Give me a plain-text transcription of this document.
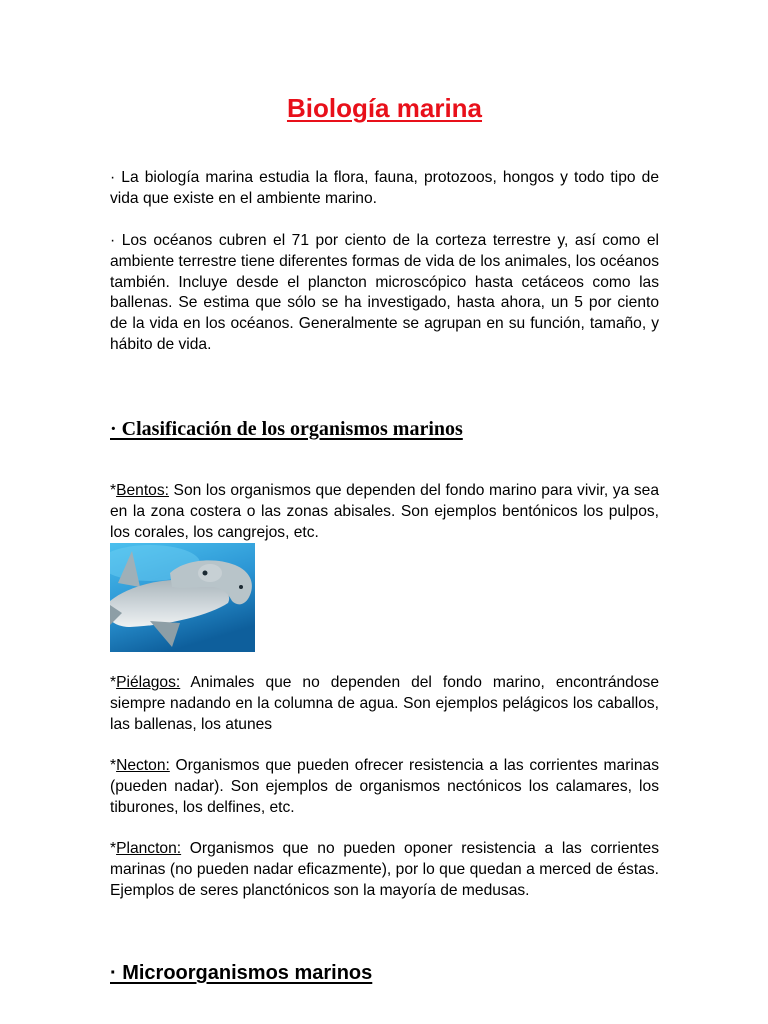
Biología marina

· La biología marina estudia la flora, fauna, protozoos, hongos y todo tipo de vida que existe en el ambiente marino.

· Los océanos cubren el 71 por ciento de la corteza terrestre y, así como el ambiente terrestre tiene diferentes formas de vida de los animales, los océanos también. Incluye desde el plancton microscópico hasta cetáceos como las ballenas. Se estima que sólo se ha investigado, hasta ahora, un 5 por ciento de la vida en los océanos. Generalmente se agrupan en su función, tamaño, y hábito de vida.

· Clasificación de los organismos marinos

*Bentos: Son los organismos que dependen del fondo marino para vivir, ya sea en la zona costera o las zonas abisales. Son ejemplos bentónicos los pulpos, los corales, los cangrejos, etc.

*Piélagos: Animales que no dependen del fondo marino, encontrándose siempre nadando en la columna de agua. Son ejemplos pelágicos los caballos, las ballenas, los atunes

*Necton: Organismos que pueden ofrecer resistencia a las corrientes marinas (pueden nadar). Son ejemplos de organismos nectónicos los calamares, los tiburones, los delfines, etc.

*Plancton: Organismos que no pueden oponer resistencia a las corrientes marinas (no pueden nadar eficazmente), por lo que quedan a merced de éstas. Ejemplos de seres planctónicos son la mayoría de medusas.

· Microorganismos marinos
